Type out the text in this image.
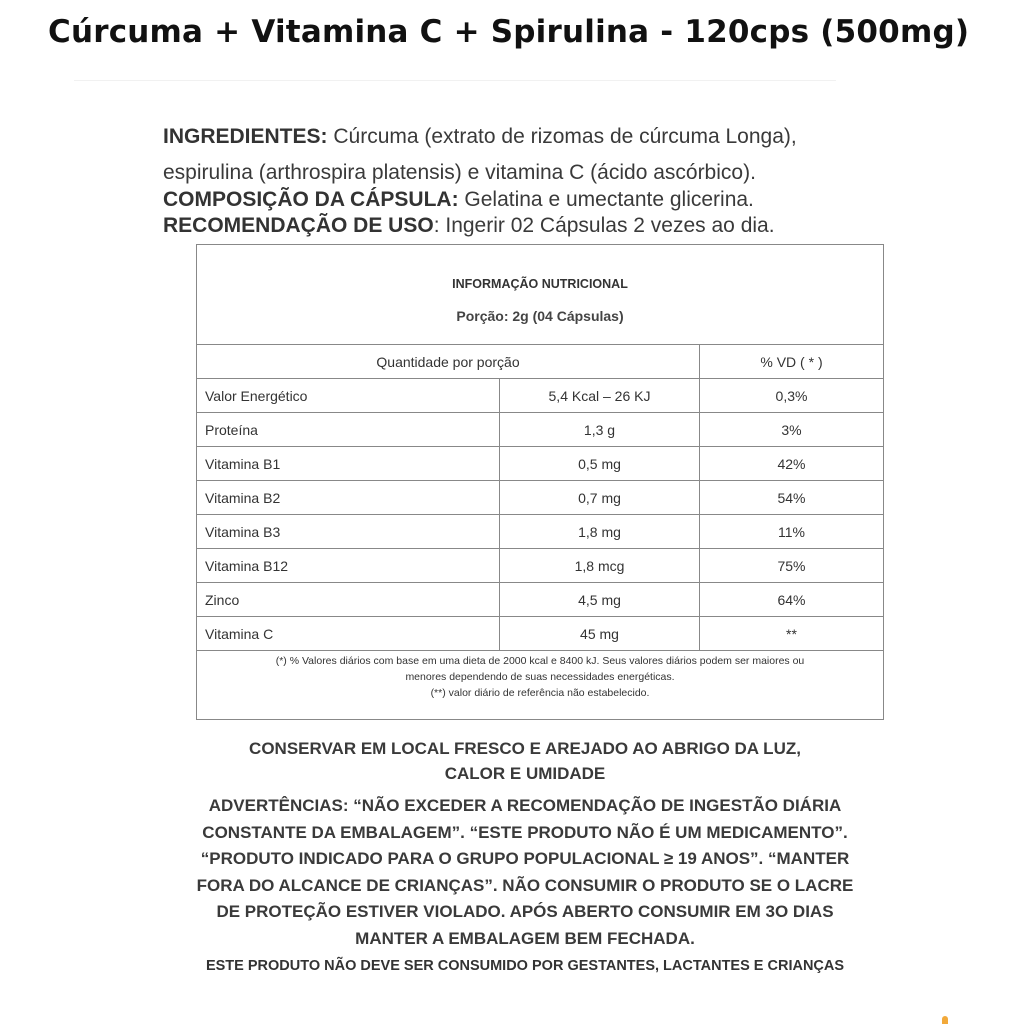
Cúrcuma + Vitamina C + Spirulina - 120cps (500mg)

INGREDIENTES: Cúrcuma (extrato de rizomas de cúrcuma Longa),

espirulina (arthrospira platensis) e vitamina C (ácido ascórbico).

COMPOSIÇÃO DA CÁPSULA: Gelatina e umectante glicerina.

RECOMENDAÇÃO DE USO: Ingerir 02 Cápsulas 2 vezes ao dia.

INFORMAÇÃO NUTRICIONAL
Porção: 2g (04 Cápsulas)		

Quantidade por porção		% VD ( * )
Valor Energético	5,4 Kcal – 26 KJ	0,3%
Proteína	1,3 g	3%
Vitamina B1	0,5 mg	42%
Vitamina B2	0,7 mg	54%
Vitamina B3	1,8 mg	11%
Vitamina B12	1,8 mcg	75%
Zinco	4,5 mg	64%
Vitamina C	45 mg	**

(*) % Valores diários com base em uma dieta de 2000 kcal e 8400 kJ. Seus valores diários podem ser maiores ou
menores dependendo de suas necessidades energéticas.
(**) valor diário de referência não estabelecido.		
CONSERVAR EM LOCAL FRESCO E AREJADO AO ABRIGO DA LUZ,
CALOR E UMIDADE
ADVERTÊNCIAS: “NÃO EXCEDER A RECOMENDAÇÃO DE INGESTÃO DIÁRIA
CONSTANTE DA EMBALAGEM”. “ESTE PRODUTO NÃO É UM MEDICAMENTO”.
“PRODUTO INDICADO PARA O GRUPO POPULACIONAL ≥ 19 ANOS”. “MANTER
FORA DO ALCANCE DE CRIANÇAS”. NÃO CONSUMIR O PRODUTO SE O LACRE
DE PROTEÇÃO ESTIVER VIOLADO. APÓS ABERTO CONSUMIR EM 3O DIAS
MANTER A EMBALAGEM BEM FECHADA.
ESTE PRODUTO NÃO DEVE SER CONSUMIDO POR GESTANTES, LACTANTES E CRIANÇAS
